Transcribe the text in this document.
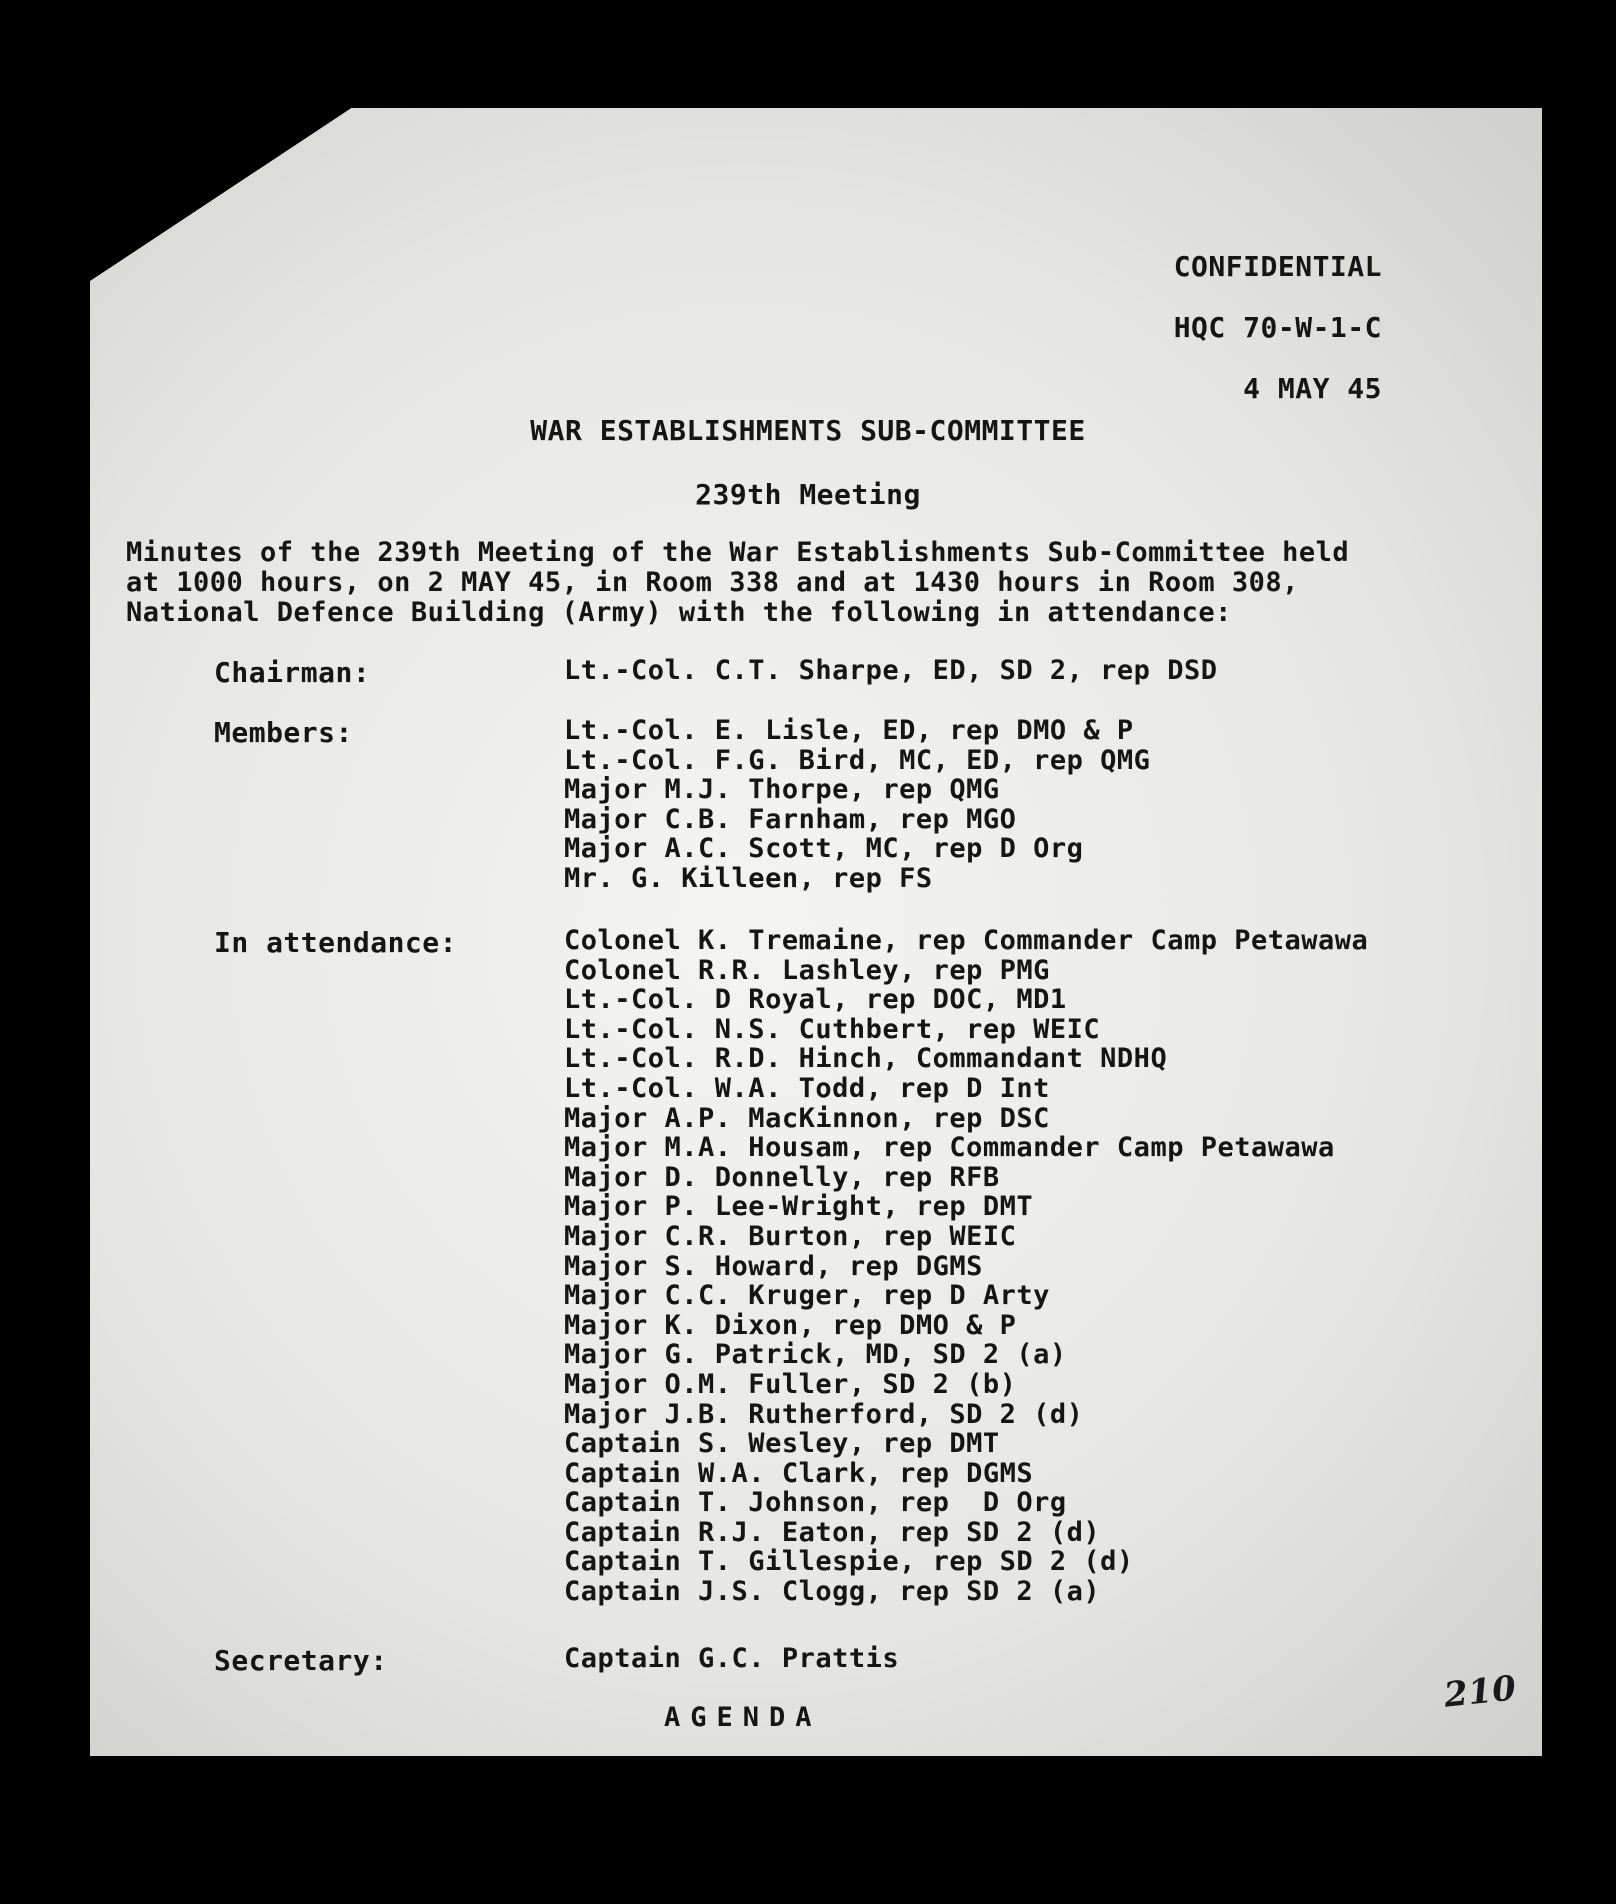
CONFIDENTIAL
HQC 70-W-1-C
4 MAY 45
WAR ESTABLISHMENTS SUB-COMMITTEE
239th Meeting
Minutes of the 239th Meeting of the War Establishments Sub-Committee held
at 1000 hours, on 2 MAY 45, in Room 338 and at 1430 hours in Room 308,
National Defence Building (Army) with the following in attendance:
Chairman:	Lt.-Col. C.T. Sharpe, ED, SD 2, rep DSD
Members:	Lt.-Col. E. Lisle, ED, rep DMO & P
Lt.-Col. F.G. Bird, MC, ED, rep QMG
Major M.J. Thorpe, rep QMG
Major C.B. Farnham, rep MGO
Major A.C. Scott, MC, rep D Org
Mr. G. Killeen, rep FS
In attendance:	Colonel K. Tremaine, rep Commander Camp Petawawa
Colonel R.R. Lashley, rep PMG
Lt.-Col. D Royal, rep DOC, MD1
Lt.-Col. N.S. Cuthbert, rep WEIC
Lt.-Col. R.D. Hinch, Commandant NDHQ
Lt.-Col. W.A. Todd, rep D Int
Major A.P. MacKinnon, rep DSC
Major M.A. Housam, rep Commander Camp Petawawa
Major D. Donnelly, rep RFB
Major P. Lee-Wright, rep DMT
Major C.R. Burton, rep WEIC
Major S. Howard, rep DGMS
Major C.C. Kruger, rep D Arty
Major K. Dixon, rep DMO & P
Major G. Patrick, MD, SD 2 (a)
Major O.M. Fuller, SD 2 (b)
Major J.B. Rutherford, SD 2 (d)
Captain S. Wesley, rep DMT
Captain W.A. Clark, rep DGMS
Captain T. Johnson, rep  D Org
Captain R.J. Eaton, rep SD 2 (d)
Captain T. Gillespie, rep SD 2 (d)
Captain J.S. Clogg, rep SD 2 (a)
Secretary:	Captain G.C. Prattis
AGENDA
210
